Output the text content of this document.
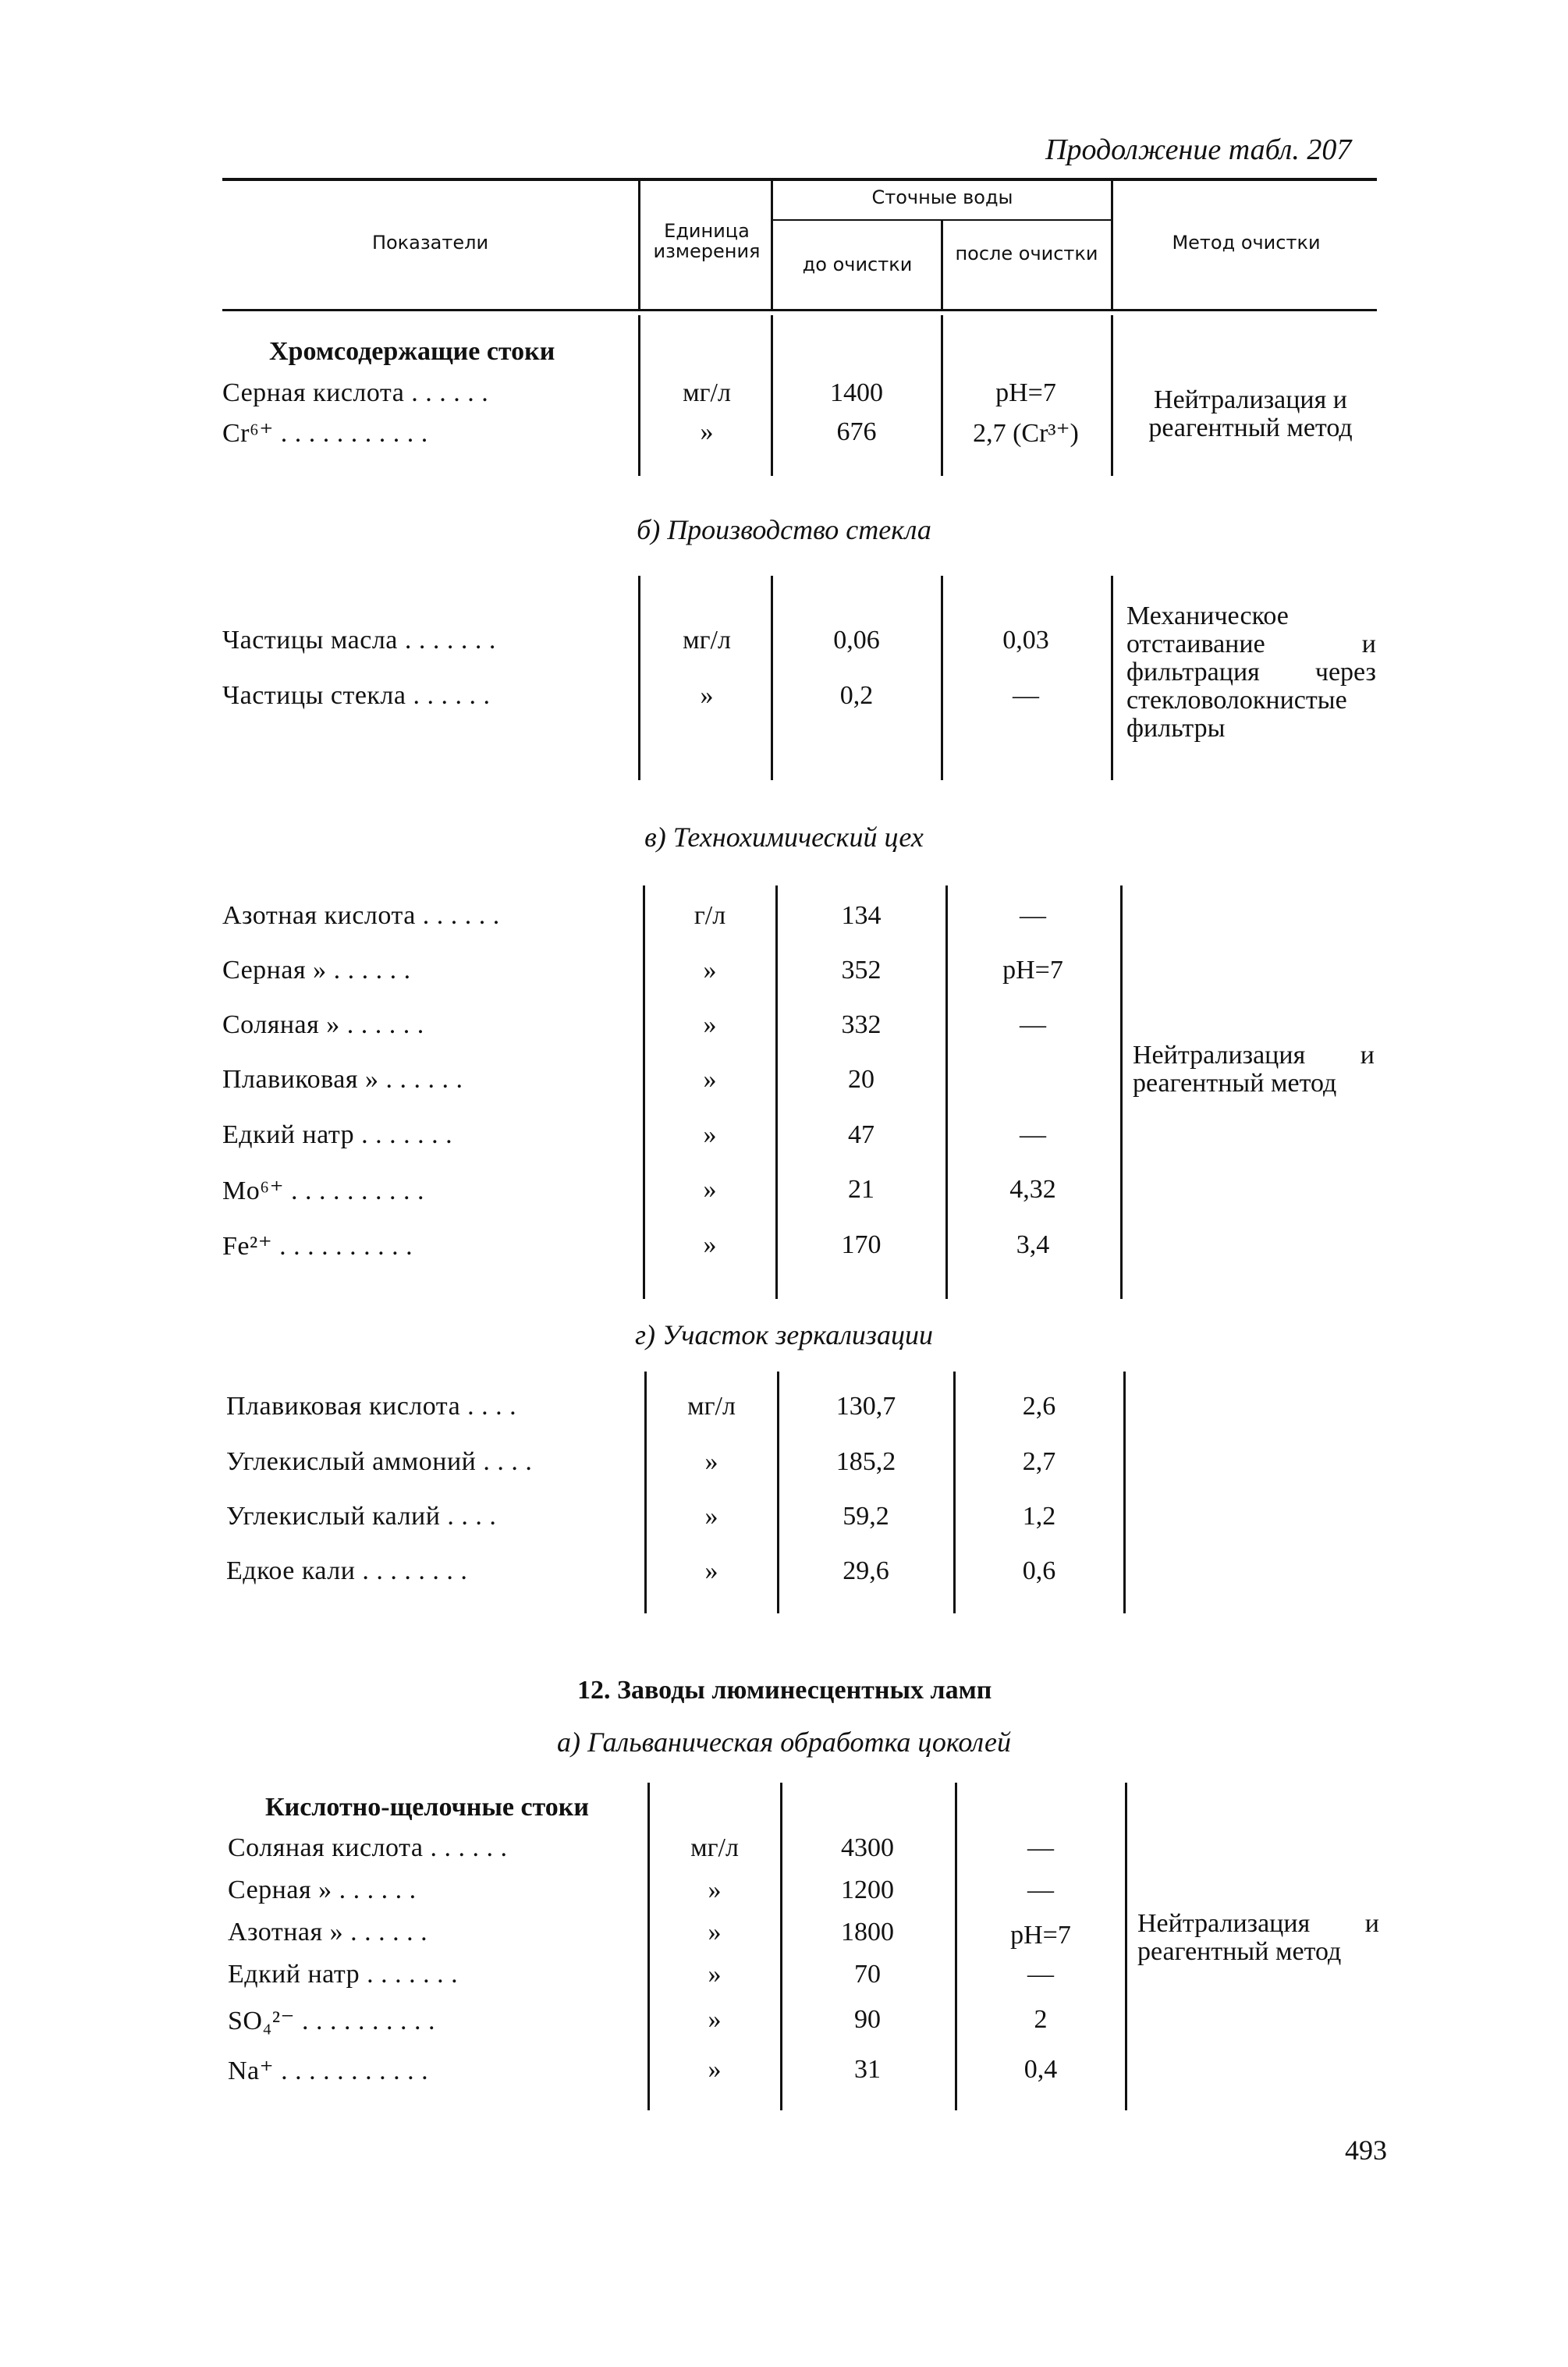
Продолжение табл. 207
Показатели
Единица измерения
Сточные воды
до очистки	после очистки	Метод очистки
Хромсодержащие стоки
Серная кислота . . . . . .	мг/л	1400	pH=7
Cr⁶⁺ . . . . . . . . . . .	»	676	2,7 (Cr³⁺)
Нейтрализация и реагентный метод
б) Производство стекла
Частицы масла . . . . . . .	мг/л	0,06	0,03
Частицы стекла . . . . . .	»	0,2	—
Механическое отстаивание и фильтрация через стекловолокнистые фильтры
в) Технохимический цех
Азотная кислота . . . . . .	г/л	134	—
Серная » . . . . . .	»	352	pH=7
Соляная » . . . . . .	»	332	—
Плавиковая » . . . . . .	»	20
Едкий натр . . . . . . .	»	47	—
Mo⁶⁺ . . . . . . . . . .	»	21	4,32
Fe²⁺ . . . . . . . . . .	»	170	3,4
Нейтрализация и реагентный метод
г) Участок зеркализации
Плавиковая кислота . . . .	мг/л	130,7	2,6
Углекислый аммоний . . . .	»	185,2	2,7
Углекислый калий . . . .	»	59,2	1,2
Едкое кали . . . . . . . .	»	29,6	0,6
12. Заводы люминесцентных ламп
а) Гальваническая обработка цоколей
Кислотно-щелочные стоки
Соляная кислота . . . . . .	мг/л	4300	—
Серная » . . . . . .	»	1200	—
Азотная » . . . . . .	»	1800	pH=7
Едкий натр . . . . . . .	»	70	—
SO₄²⁻ . . . . . . . . . .	»	90	2
Na⁺ . . . . . . . . . . .	»	31	0,4
Нейтрализация и реагентный метод
493
